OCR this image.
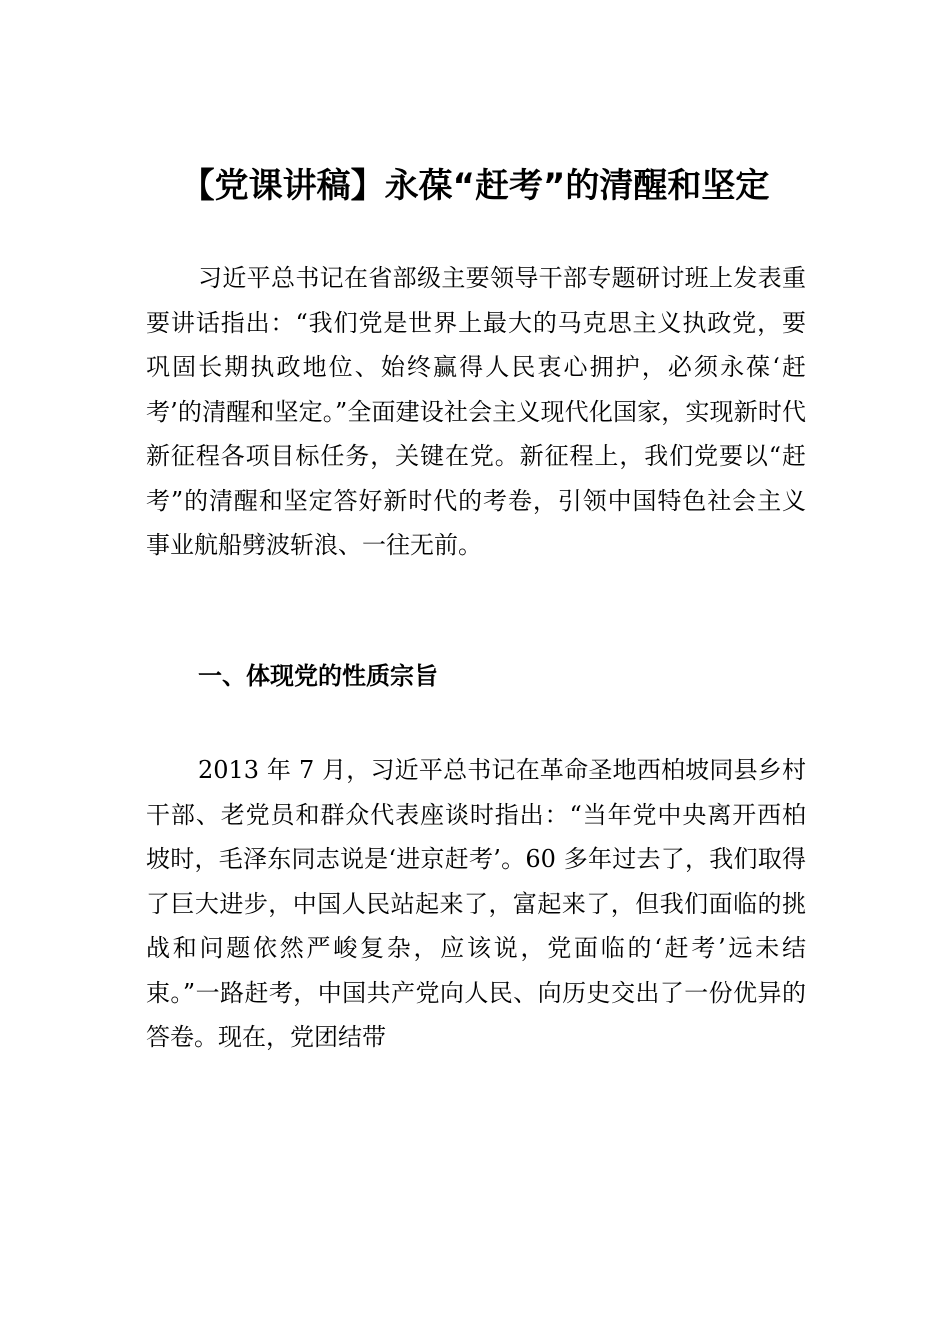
【党课讲稿】永葆“赶考”的清醒和坚定

习近平总书记在省部级主要领导干部专题研讨班上发表重要讲话指出：“我们党是世界上最大的马克思主义执政党，要巩固长期执政地位、始终赢得人民衷心拥护，必须永葆‘赶考’的清醒和坚定。”全面建设社会主义现代化国家，实现新时代新征程各项目标任务，关键在党。新征程上，我们党要以“赶考”的清醒和坚定答好新时代的考卷，引领中国特色社会主义事业航船劈波斩浪、一往无前。

一、体现党的性质宗旨

2013 年 7 月，习近平总书记在革命圣地西柏坡同县乡村干部、老党员和群众代表座谈时指出：“当年党中央离开西柏坡时，毛泽东同志说是‘进京赶考’。60 多年过去了，我们取得了巨大进步，中国人民站起来了，富起来了，但我们面临的挑战和问题依然严峻复杂，应该说，党面临的‘赶考’远未结束。”一路赶考，中国共产党向人民、向历史交出了一份优异的答卷。现在，党团结带
